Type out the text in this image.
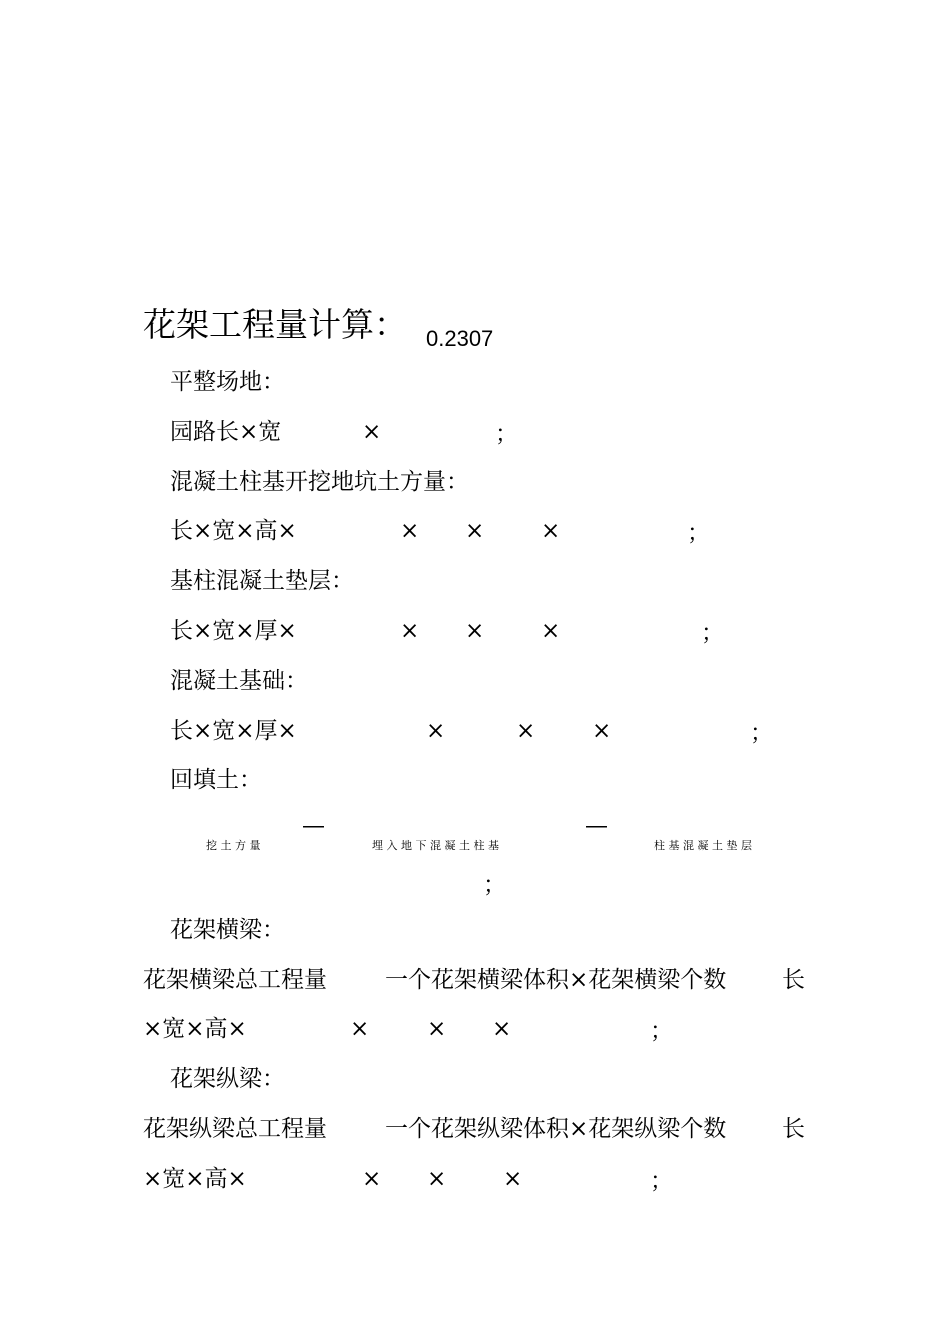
花架工程量计算： 0.2307
平整场地：
园路长×宽	×	；
混凝土柱基开挖地坑土方量：
长×宽×高×	× × ×	；
基柱混凝土垫层：
长×宽×厚×	× × ×	；
混凝土基础：
长×宽×厚×	×	× ×	；
回填土：
—	—
挖 土 方 量	埋 入 地 下 混 凝 土 柱 基	柱 基 混 凝 土 垫 层
；
花架横梁：
花架横梁总工程量	一个花架横梁体积×花架横梁个数 长
×宽×高×	×	× ×	；
花架纵梁：
花架纵梁总工程量	一个花架纵梁体积×花架纵梁个数 长
×宽×高×	× × ×	；
